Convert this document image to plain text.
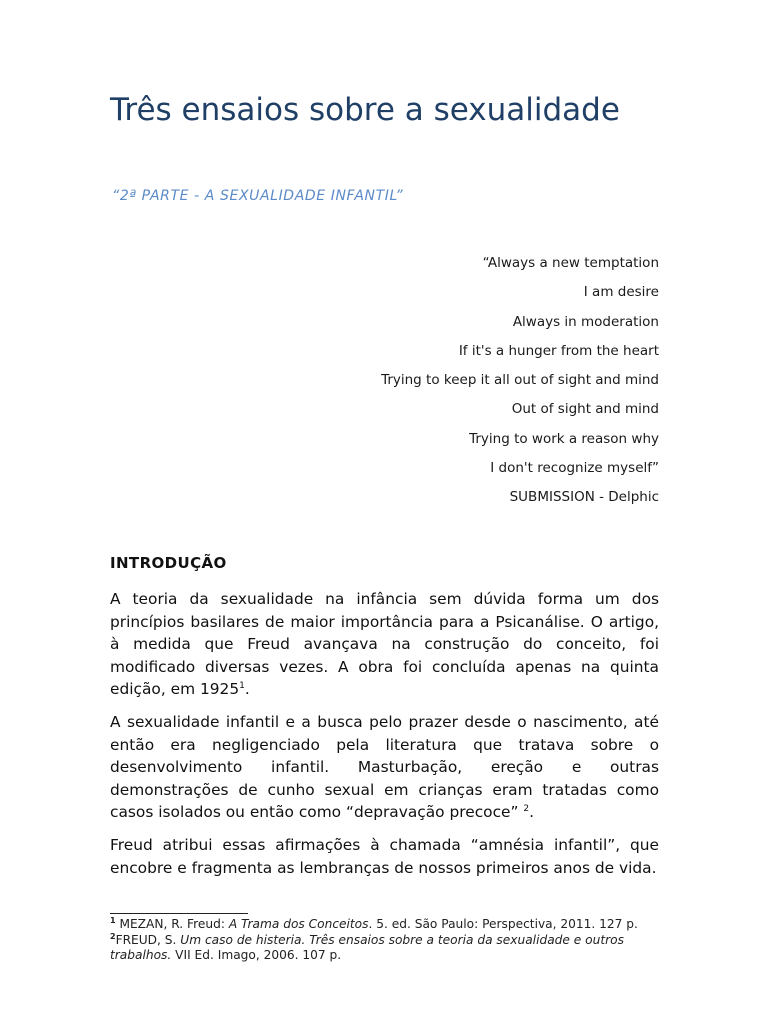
Três ensaios sobre a sexualidade

“2ª PARTE - A SEXUALIDADE INFANTIL”

“Always a new temptation
I am desire
Always in moderation
If it's a hunger from the heart
Trying to keep it all out of sight and mind
Out of sight and mind
Trying to work a reason why
I don't recognize myself”
SUBMISSION - Delphic
INTRODUÇÃO

A teoria da sexualidade na infância sem dúvida forma um dos princípios basilares de maior importância para a Psicanálise. O artigo, à medida que Freud avançava na construção do conceito, foi modificado diversas vezes. A obra foi concluída apenas na quinta edição, em 1925$^1$.

A sexualidade infantil e a busca pelo prazer desde o nascimento, até então era negligenciado pela literatura que tratava sobre o desenvolvimento infantil. Masturbação, ereção e outras demonstrações de cunho sexual em crianças eram tratadas como casos isolados ou então como “depravação precoce” $^2$.

Freud atribui essas afirmações à chamada “amnésia infantil”, que encobre e fragmenta as lembranças de nossos primeiros anos de vida.

$^1$ MEZAN, R. Freud: A Trama dos Conceitos. 5. ed. São Paulo: Perspectiva, 2011. 127 p.
$^2$FREUD, S. Um caso de histeria. Três ensaios sobre a teoria da sexualidade e outros trabalhos. VII Ed. Imago, 2006. 107 p.
